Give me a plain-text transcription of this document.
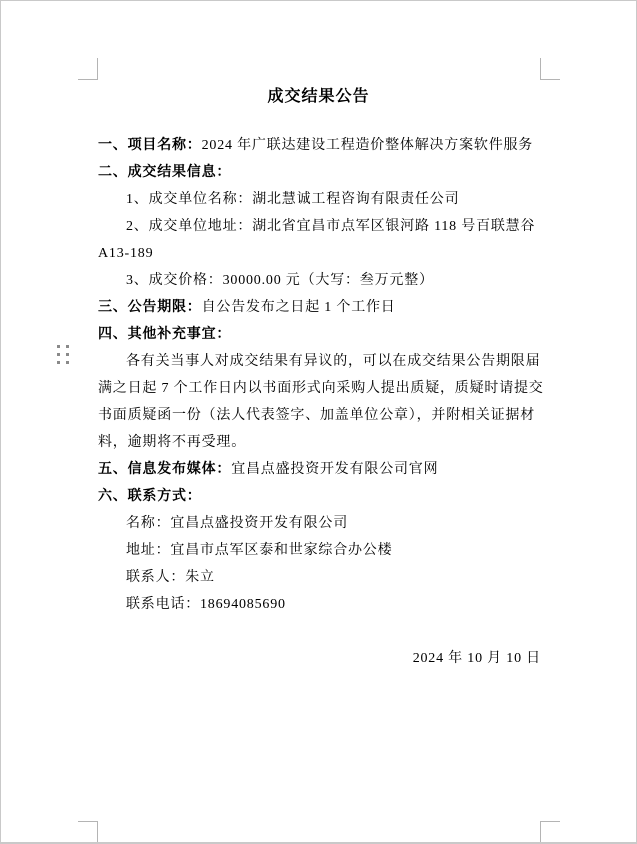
成交结果公告
一、项目名称：2024 年广联达建设工程造价整体解决方案软件服务
二、成交结果信息：
1、成交单位名称：湖北慧诚工程咨询有限责任公司
2、成交单位地址：湖北省宜昌市点军区银河路 118 号百联慧谷
A13-189
3、成交价格：30000.00 元（大写：叁万元整）
三、公告期限：自公告发布之日起 1 个工作日
四、其他补充事宜：
各有关当事人对成交结果有异议的，可以在成交结果公告期限届
满之日起 7 个工作日内以书面形式向采购人提出质疑，质疑时请提交
书面质疑函一份（法人代表签字、加盖单位公章），并附相关证据材
料，逾期将不再受理。
五、信息发布媒体：宜昌点盛投资开发有限公司官网
六、联系方式：
名称：宜昌点盛投资开发有限公司
地址：宜昌市点军区泰和世家综合办公楼
联系人：朱立
联系电话：18694085690
2024 年 10 月 10 日
